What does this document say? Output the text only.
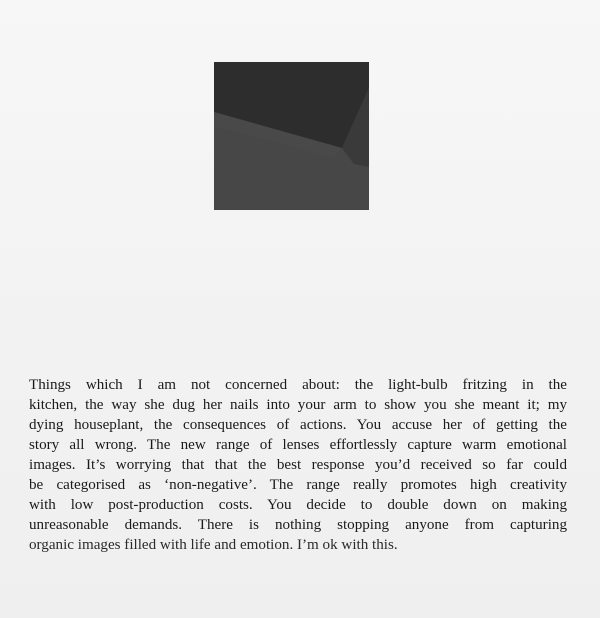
Things which I am not concerned about: the light-bulb fritzing in the
kitchen, the way she dug her nails into your arm to show you she meant it; my
dying houseplant, the consequences of actions. You accuse her of getting the
story all wrong. The new range of lenses effortlessly capture warm emotional
images. It’s worrying that that the best response you’d received so far could
be categorised as ‘non-negative’. The range really promotes high creativity
with low post-production costs. You decide to double down on making
unreasonable demands. There is nothing stopping anyone from capturing
organic images filled with life and emotion. I’m ok with this.
